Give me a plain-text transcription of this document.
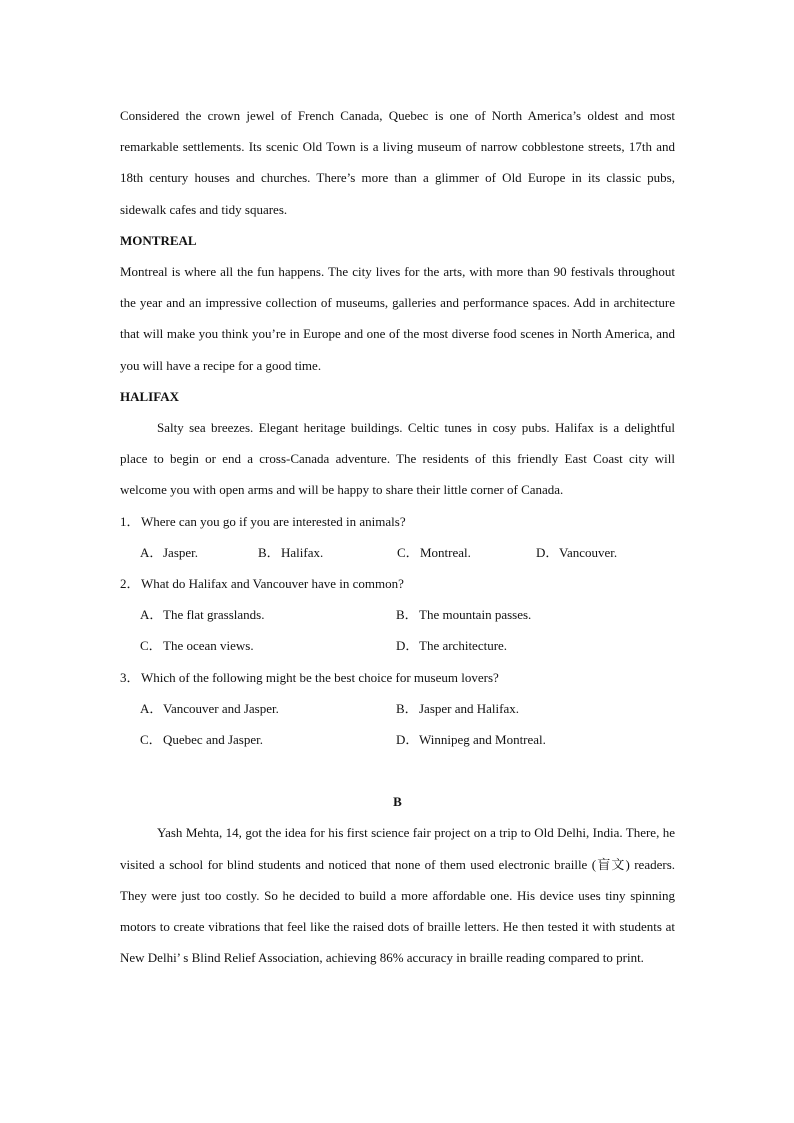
Considered the crown jewel of French Canada, Quebec is one of North America’s oldest and most remarkable settlements. Its scenic Old Town is a living museum of narrow cobblestone streets, 17th and 18th century houses and churches. There’s more than a glimmer of Old Europe in its classic pubs, sidewalk cafes and tidy squares.

MONTREAL

Montreal is where all the fun happens. The city lives for the arts, with more than 90 festivals throughout the year and an impressive collection of museums, galleries and performance spaces. Add in architecture that will make you think you’re in Europe and one of the most diverse food scenes in North America, and you will have a recipe for a good time.

HALIFAX

Salty sea breezes. Elegant heritage buildings. Celtic tunes in cosy pubs. Halifax is a delightful place to begin or end a cross-Canada adventure. The residents of this friendly East Coast city will welcome you with open arms and will be happy to share their little corner of Canada.

1． Where can you go if you are interested in animals?
A．Jasper.	B．Halifax.	C．Montreal.	D．Vancouver.
2． What do Halifax and Vancouver have in common?
A．The flat grasslands.	B．The mountain passes.
C．The ocean views.	D．The architecture.
3． Which of the following might be the best choice for museum lovers?
A．Vancouver and Jasper.	B．Jasper and Halifax.
C．Quebec and Jasper.	D．Winnipeg and Montreal.

B

Yash Mehta, 14, got the idea for his first science fair project on a trip to Old Delhi, India. There, he visited a school for blind students and noticed that none of them used electronic braille (盲文) readers. They were just too costly. So he decided to build a more affordable one. His device uses tiny spinning motors to create vibrations that feel like the raised dots of braille letters. He then tested it with students at New Delhi’ s Blind Relief Association, achieving 86% accuracy in braille reading compared to print.
